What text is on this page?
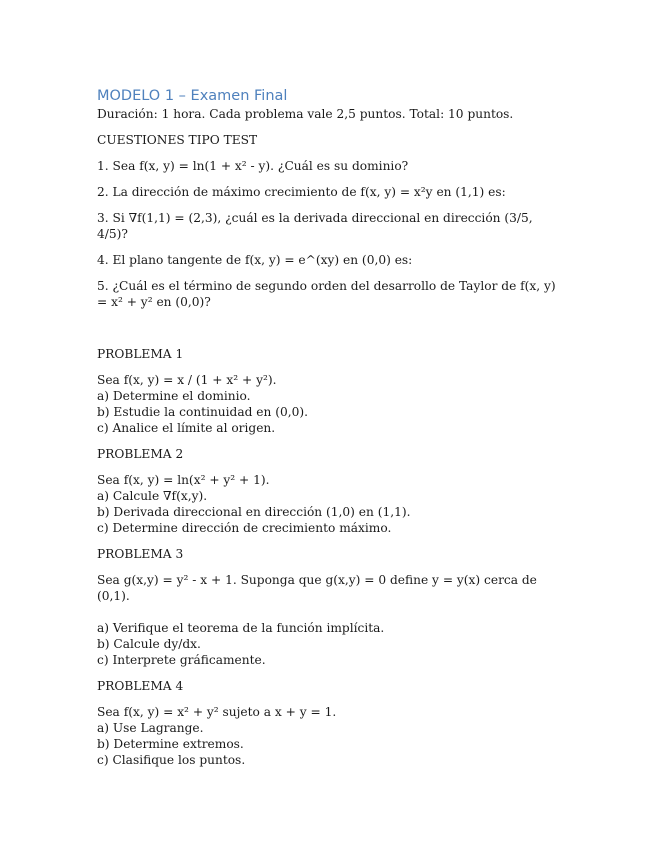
MODELO 1 – Examen Final

Duración: 1 hora. Cada problema vale 2,5 puntos. Total: 10 puntos.

CUESTIONES TIPO TEST

1. Sea f(x, y) = ln(1 + x² - y). ¿Cuál es su dominio?

2. La dirección de máximo crecimiento de f(x, y) = x²y en (1,1) es:

3. Si ∇f(1,1) = (2,3), ¿cuál es la derivada direccional en dirección (3/5, 4/5)?

4. El plano tangente de f(x, y) = e^(xy) en (0,0) es:

5. ¿Cuál es el término de segundo orden del desarrollo de Taylor de f(x, y) = x² + y² en (0,0)?

PROBLEMA 1

Sea f(x, y) = x / (1 + x² + y²).

a) Determine el dominio.
b) Estudie la continuidad en (0,0).
c) Analice el límite al origen.

PROBLEMA 2

Sea f(x, y) = ln(x² + y² + 1).

a) Calcule ∇f(x,y).
b) Derivada direccional en dirección (1,0) en (1,1).
c) Determine dirección de crecimiento máximo.

PROBLEMA 3

Sea g(x,y) = y² - x + 1. Suponga que g(x,y) = 0 define y = y(x) cerca de (0,1).

a) Verifique el teorema de la función implícita.
b) Calcule dy/dx.
c) Interprete gráficamente.

PROBLEMA 4

Sea f(x, y) = x² + y² sujeto a x + y = 1.

a) Use Lagrange.
b) Determine extremos.
c) Clasifique los puntos.
